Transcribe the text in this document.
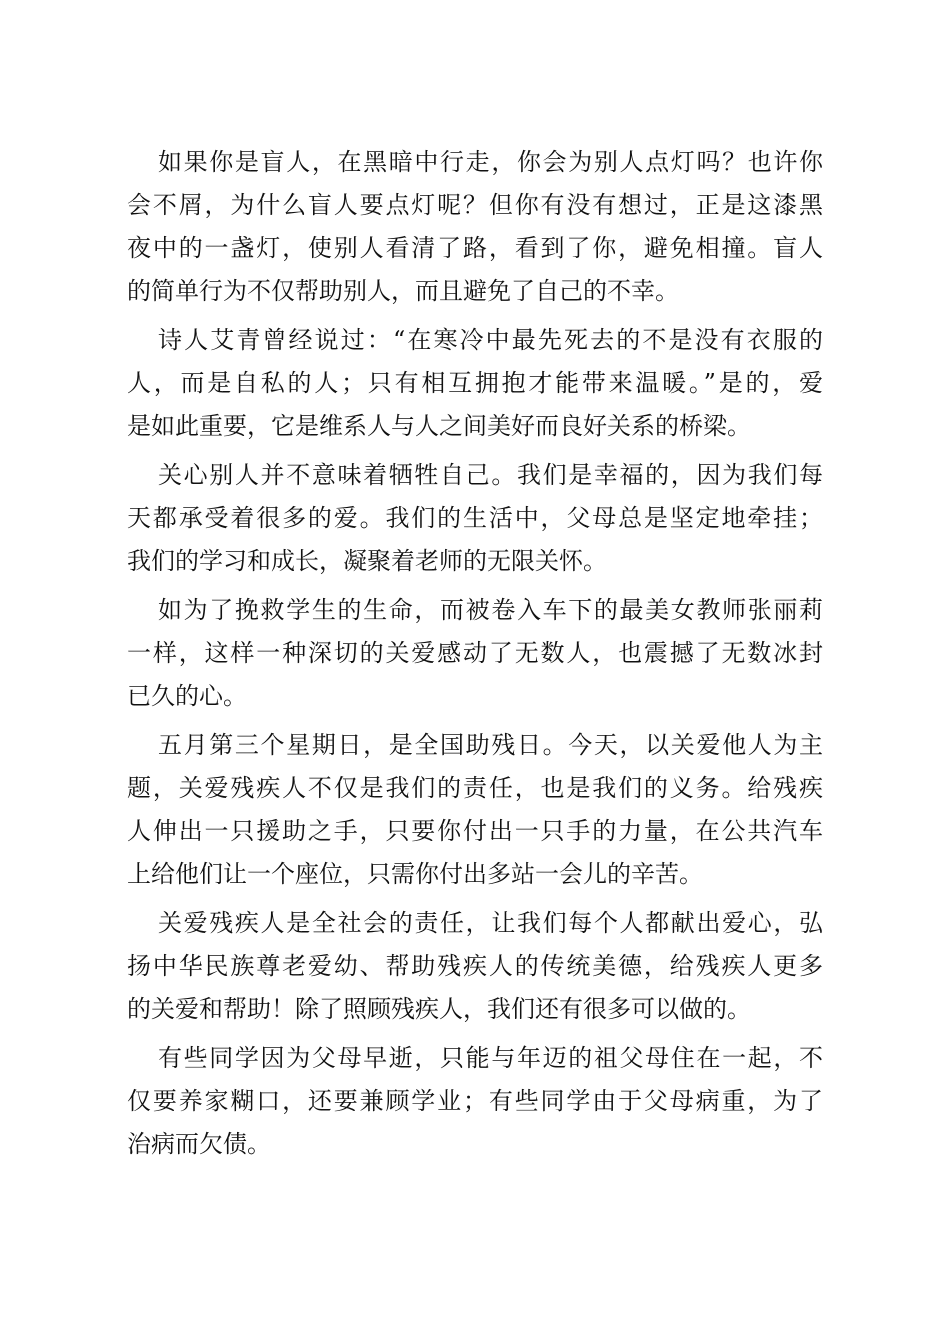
如果你是盲人，在黑暗中行走，你会为别人点灯吗？也许你
会不屑，为什么盲人要点灯呢？但你有没有想过，正是这漆黑
夜中的一盏灯，使别人看清了路，看到了你，避免相撞。盲人
的简单行为不仅帮助别人，而且避免了自己的不幸。
诗人艾青曾经说过：“在寒冷中最先死去的不是没有衣服的
人，而是自私的人；只有相互拥抱才能带来温暖。”是的，爱
是如此重要，它是维系人与人之间美好而良好关系的桥梁。
关心别人并不意味着牺牲自己。我们是幸福的，因为我们每
天都承受着很多的爱。我们的生活中，父母总是坚定地牵挂；
我们的学习和成长，凝聚着老师的无限关怀。
如为了挽救学生的生命，而被卷入车下的最美女教师张丽莉
一样，这样一种深切的关爱感动了无数人，也震撼了无数冰封
已久的心。
五月第三个星期日，是全国助残日。今天，以关爱他人为主
题，关爱残疾人不仅是我们的责任，也是我们的义务。给残疾
人伸出一只援助之手，只要你付出一只手的力量，在公共汽车
上给他们让一个座位，只需你付出多站一会儿的辛苦。
关爱残疾人是全社会的责任，让我们每个人都献出爱心，弘
扬中华民族尊老爱幼、帮助残疾人的传统美德，给残疾人更多
的关爱和帮助！除了照顾残疾人，我们还有很多可以做的。
有些同学因为父母早逝，只能与年迈的祖父母住在一起，不
仅要养家糊口，还要兼顾学业；有些同学由于父母病重，为了
治病而欠债。
